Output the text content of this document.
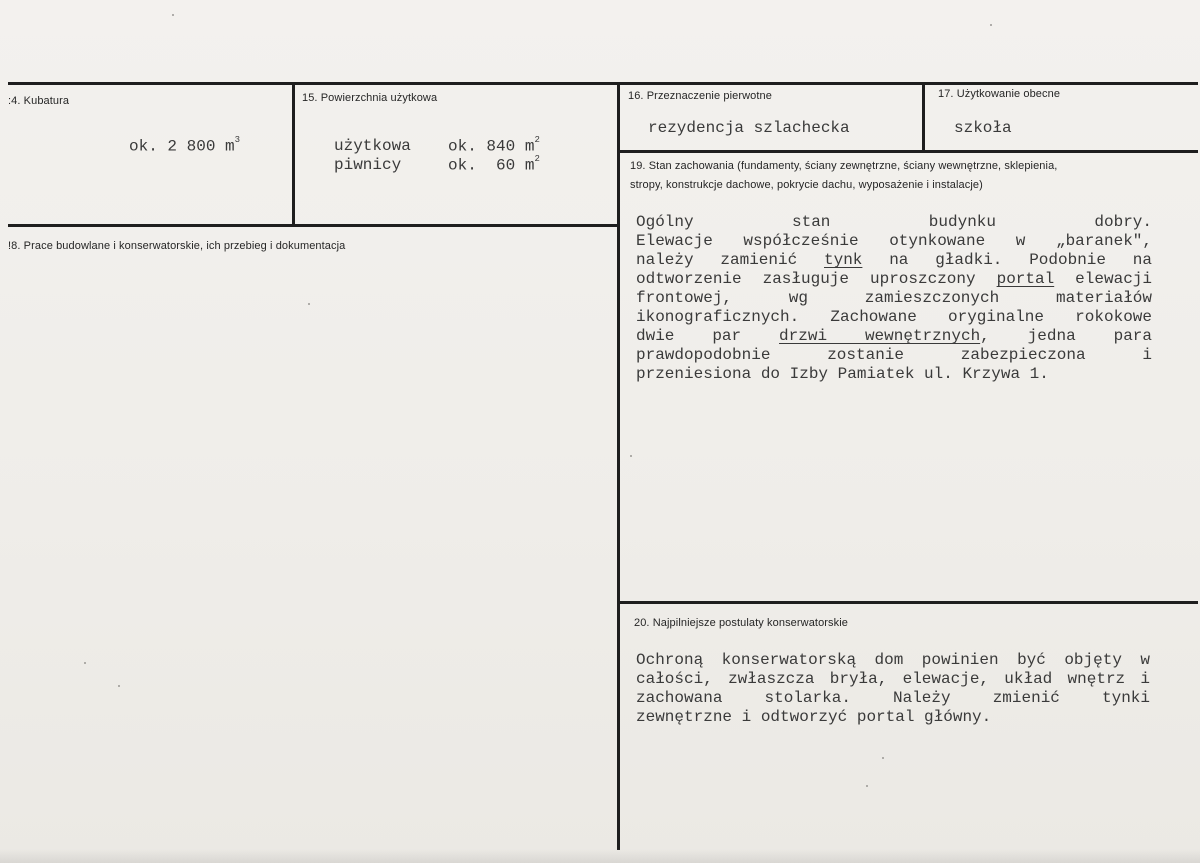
:4. Kubatura
ok. 2 800 $m^3$
15. Powierzchnia użytkowa
użytkowa ok. 840 $m^2$
piwnicy	ok.  60 $m^2$
16. Przeznaczenie pierwotne
rezydencja szlachecka
17. Użytkowanie obecne
szkoła
!8. Prace budowlane i konserwatorskie, ich przebieg i dokumentacja
19. Stan zachowania (fundamenty, ściany zewnętrzne, ściany wewnętrzne, sklepienia,
stropy, konstrukcje dachowe, pokrycie dachu, wyposażenie i instalacje)
Ogólny stan budynku dobry.
Elewacje współcześnie otynkowane w „baranek",
należy zamienić tynk na gładki. Podobnie na
odtworzenie zasługuje uproszczony portal elewacji
frontowej, wg zamieszczonych materiałów
ikonograficznych. Zachowane oryginalne rokokowe
dwie par drzwi wewnętrznych, jedna para
prawdopodobnie zostanie zabezpieczona i
przeniesiona do Izby Pamiatek ul. Krzywa 1.
20. Najpilniejsze postulaty konserwatorskie
Ochroną konserwatorską dom powinien być objęty w
całości, zwłaszcza bryła, elewacje, układ wnętrz i
zachowana stolarka. Należy zmienić tynki
zewnętrzne i odtworzyć portal główny.
